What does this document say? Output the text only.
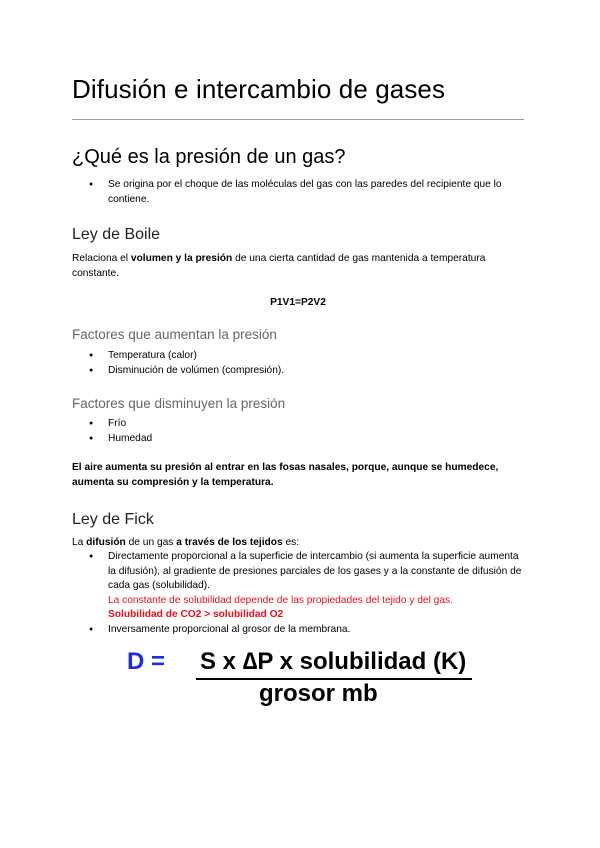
Difusión e intercambio de gases
¿Qué es la presión de un gas?
● Se origina por el choque de las moléculas del gas con las paredes del recipiente que lo contiene.
Ley de Boile

Relaciona el volumen y la presión de una cierta cantidad de gas mantenida a temperatura constante.

P1V1=P2V2

Factores que aumentan la presión
● Temperatura (calor)
● Disminución de volúmen (compresión).
Factores que disminuyen la presión
● Frío
● Humedad

El aire aumenta su presión al entrar en las fosas nasales, porque, aunque se humedece, aumenta su compresión y la temperatura.

Ley de Fick

La difusión de un gas a través de los tejidos es:

● Directamente proporcional a la superficie de intercambio (si aumenta la superficie aumenta la difusión), al gradiente de presiones parciales de los gases y a la constante de difusión de cada gas (solubilidad).
La constante de solubilidad depende de las propiedades del tejido y del gas.
Solubilidad de CO2 > solubilidad O2
● Inversamente proporcional al grosor de la membrana.
D = S x ∆P x solubilidad (K)
grosor mb
